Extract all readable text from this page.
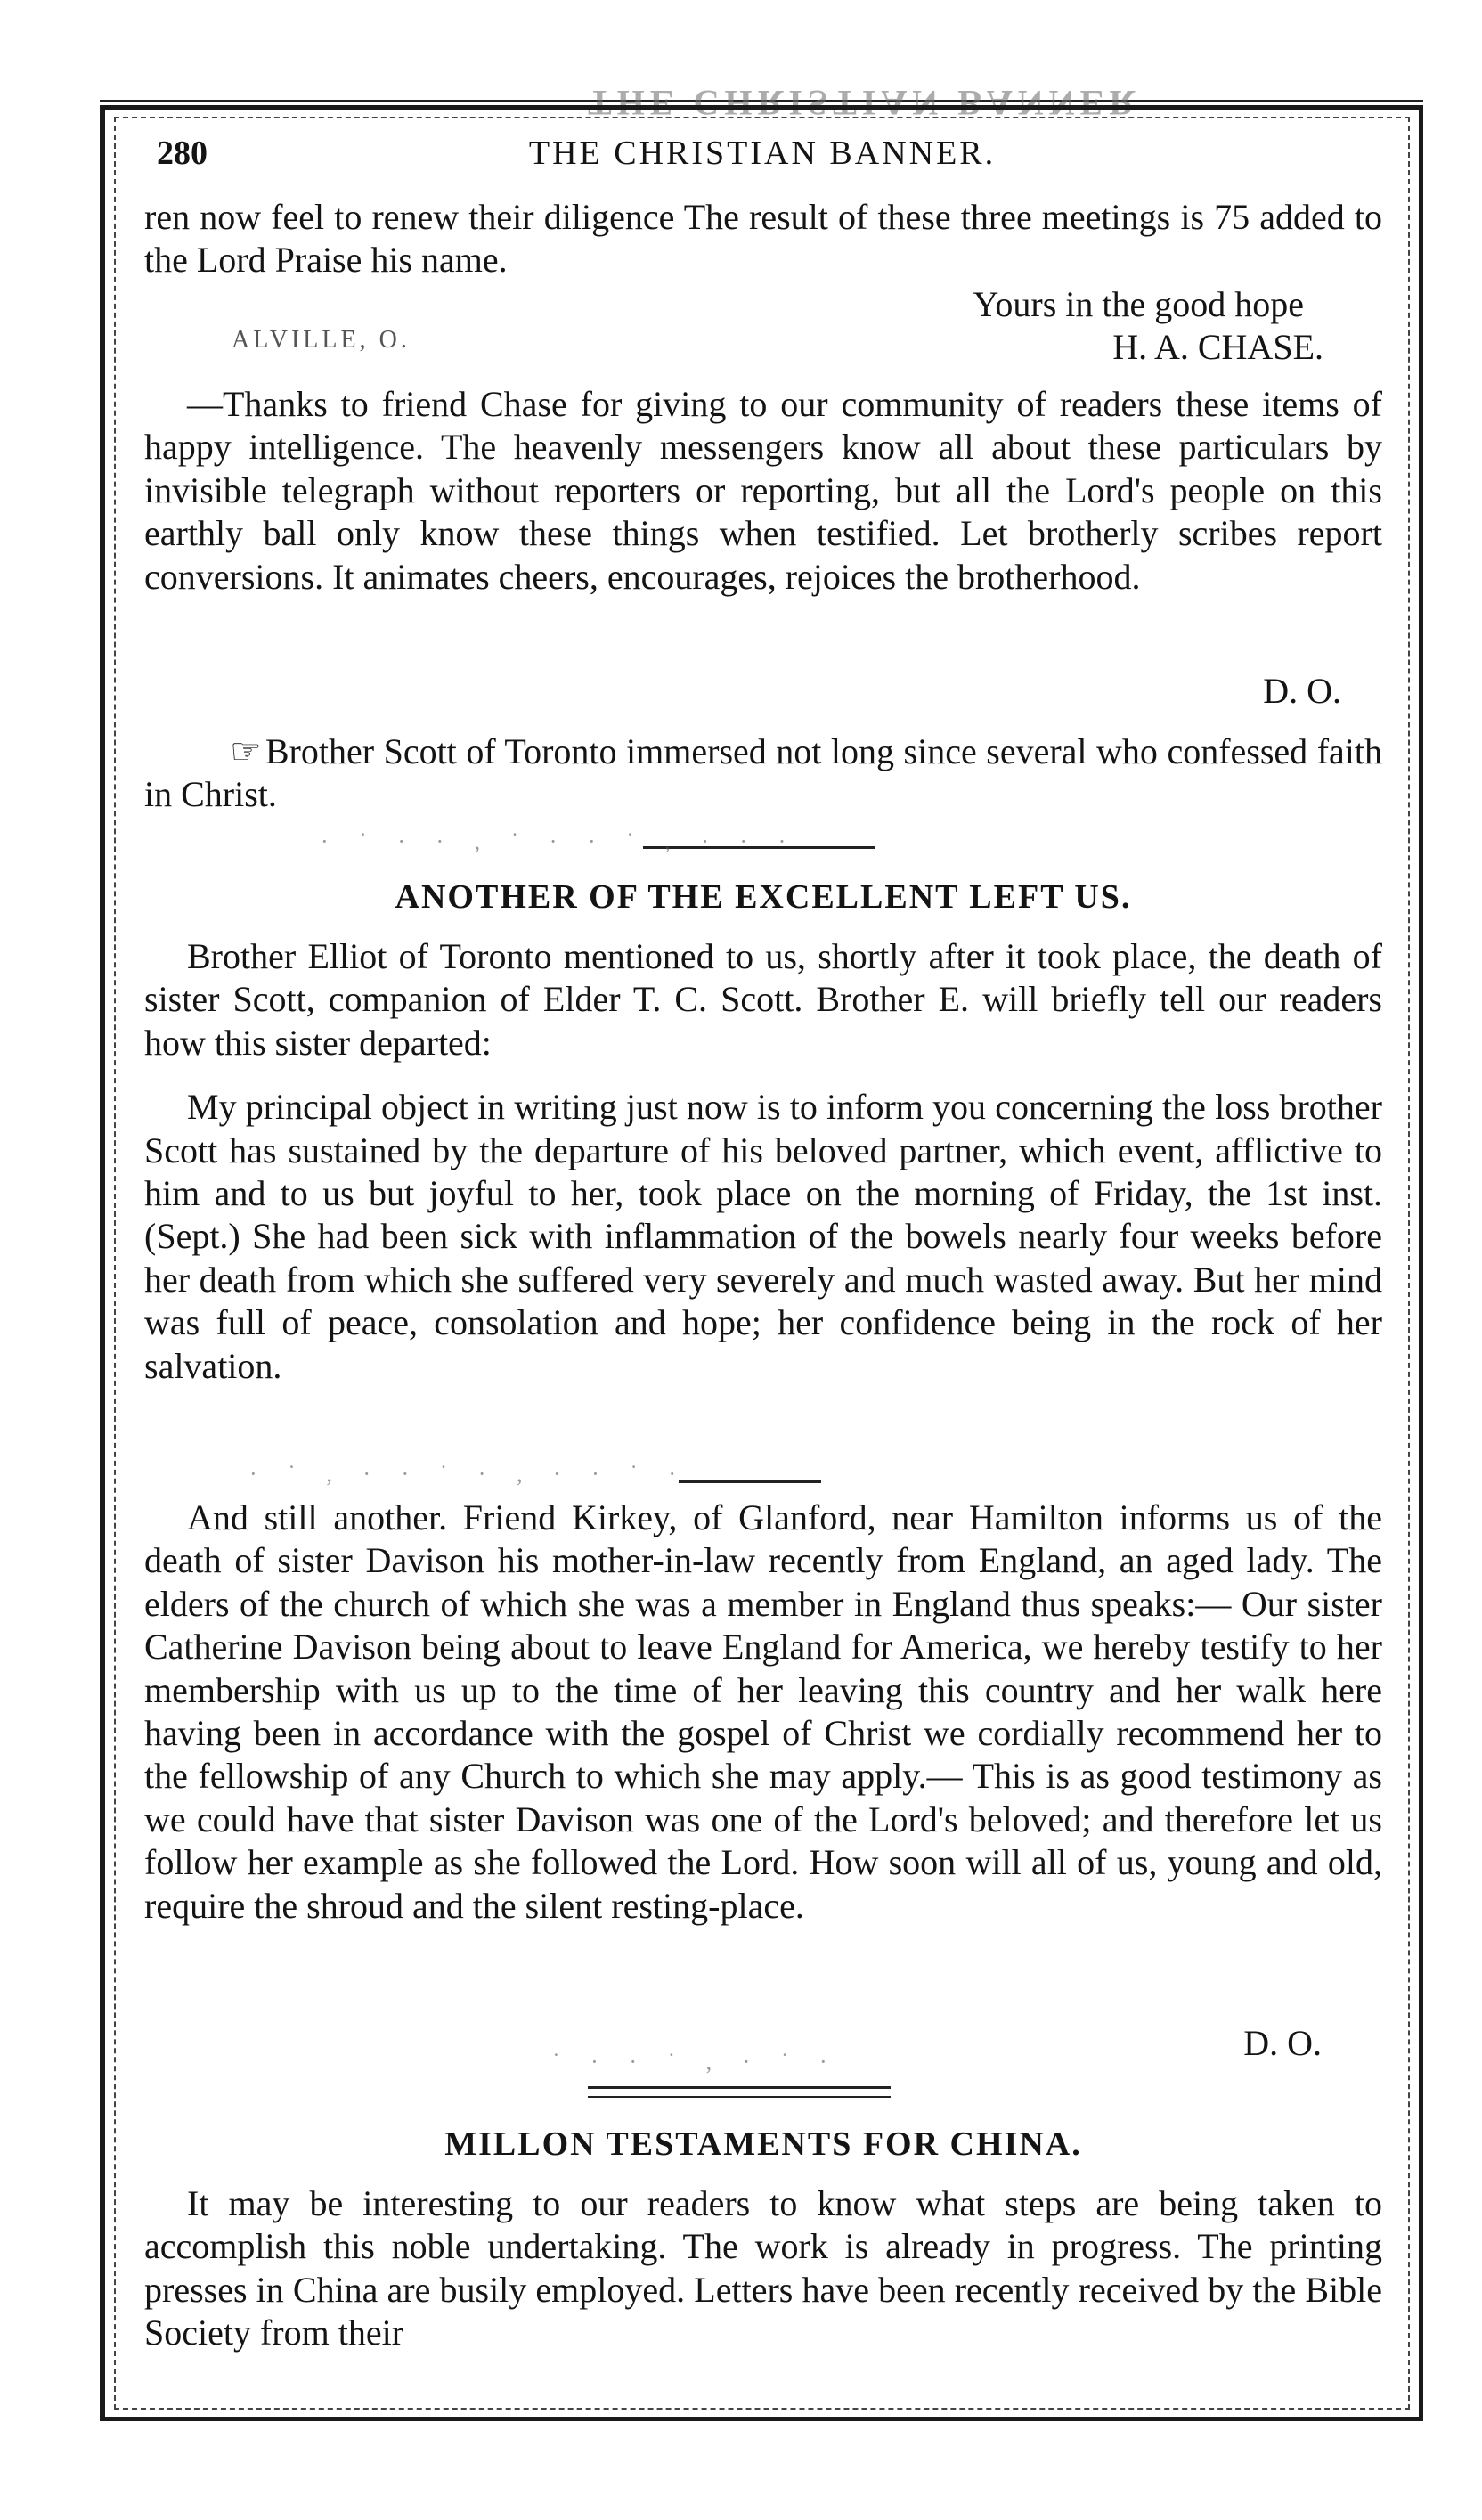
THE CHRISTIAN BANNER
280	THE CHRISTIAN BANNER.

ren now feel to renew their diligence The result of these three meetings is 75 added to the Lord Praise his name.

Yours in the good hope
ALVILLE, O.	H. A. CHASE.

—Thanks to friend Chase for giving to our community of readers these items of happy intelligence. The heavenly messengers know all about these particulars by invisible telegraph without reporters or reporting, but all the Lord's people on this earthly ball only know these things when testified. Let brotherly scribes report conversions. It animates cheers, encourages, rejoices the brotherhood.

D. O.

☞ Brother Scott of Toronto immersed not long since several who confessed faith in Christ.

ANOTHER OF THE EXCELLENT LEFT US.

Brother Elliot of Toronto mentioned to us, shortly after it took place, the death of sister Scott, companion of Elder T. C. Scott. Brother E. will briefly tell our readers how this sister departed:

My principal object in writing just now is to inform you concerning the loss brother Scott has sustained by the departure of his beloved partner, which event, afflictive to him and to us but joyful to her, took place on the morning of Friday, the 1st inst. (Sept.) She had been sick with inflammation of the bowels nearly four weeks before her death from which she suffered very severely and much wasted away. But her mind was full of peace, consolation and hope; her confidence being in the rock of her salvation.

And still another. Friend Kirkey, of Glanford, near Hamilton informs us of the death of sister Davison his mother-in-law recently from England, an aged lady. The elders of the church of which she was a member in England thus speaks:— Our sister Catherine Davison being about to leave England for America, we hereby testify to her membership with us up to the time of her leaving this country and her walk here having been in accordance with the gospel of Christ we cordially recommend her to the fellowship of any Church to which she may apply.— This is as good testimony as we could have that sister Davison was one of the Lord's beloved; and therefore let us follow her example as she followed the Lord. How soon will all of us, young and old, require the shroud and the silent resting-place.

D. O.
MILLON TESTAMENTS FOR CHINA.

It may be interesting to our readers to know what steps are being taken to accomplish this noble undertaking. The work is already in progress. The printing presses in China are busily employed. Letters have been recently received by the Bible Society from their

· ˙ · · , ˙ · · ˙ , · · ·
· ˙ , · · ˙ · , · · ˙ ·
˙ · · ˙ , · ˙ ·
